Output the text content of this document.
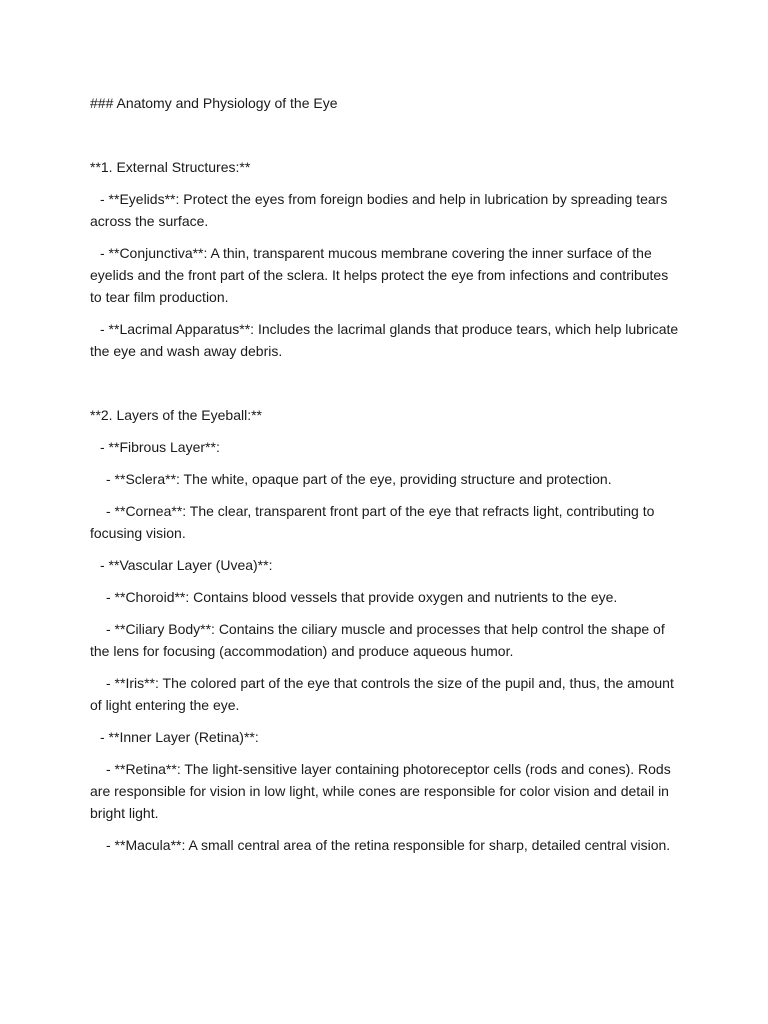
### Anatomy and Physiology of the Eye

**1. External Structures:**

- **Eyelids**: Protect the eyes from foreign bodies and help in lubrication by spreading tears across the surface.

- **Conjunctiva**: A thin, transparent mucous membrane covering the inner surface of the eyelids and the front part of the sclera. It helps protect the eye from infections and contributes to tear film production.

- **Lacrimal Apparatus**: Includes the lacrimal glands that produce tears, which help lubricate the eye and wash away debris.

**2. Layers of the Eyeball:**

- **Fibrous Layer**:

- **Sclera**: The white, opaque part of the eye, providing structure and protection.

- **Cornea**: The clear, transparent front part of the eye that refracts light, contributing to focusing vision.

- **Vascular Layer (Uvea)**:

- **Choroid**: Contains blood vessels that provide oxygen and nutrients to the eye.

- **Ciliary Body**: Contains the ciliary muscle and processes that help control the shape of the lens for focusing (accommodation) and produce aqueous humor.

- **Iris**: The colored part of the eye that controls the size of the pupil and, thus, the amount of light entering the eye.

- **Inner Layer (Retina)**:

- **Retina**: The light-sensitive layer containing photoreceptor cells (rods and cones). Rods are responsible for vision in low light, while cones are responsible for color vision and detail in bright light.

- **Macula**: A small central area of the retina responsible for sharp, detailed central vision.
